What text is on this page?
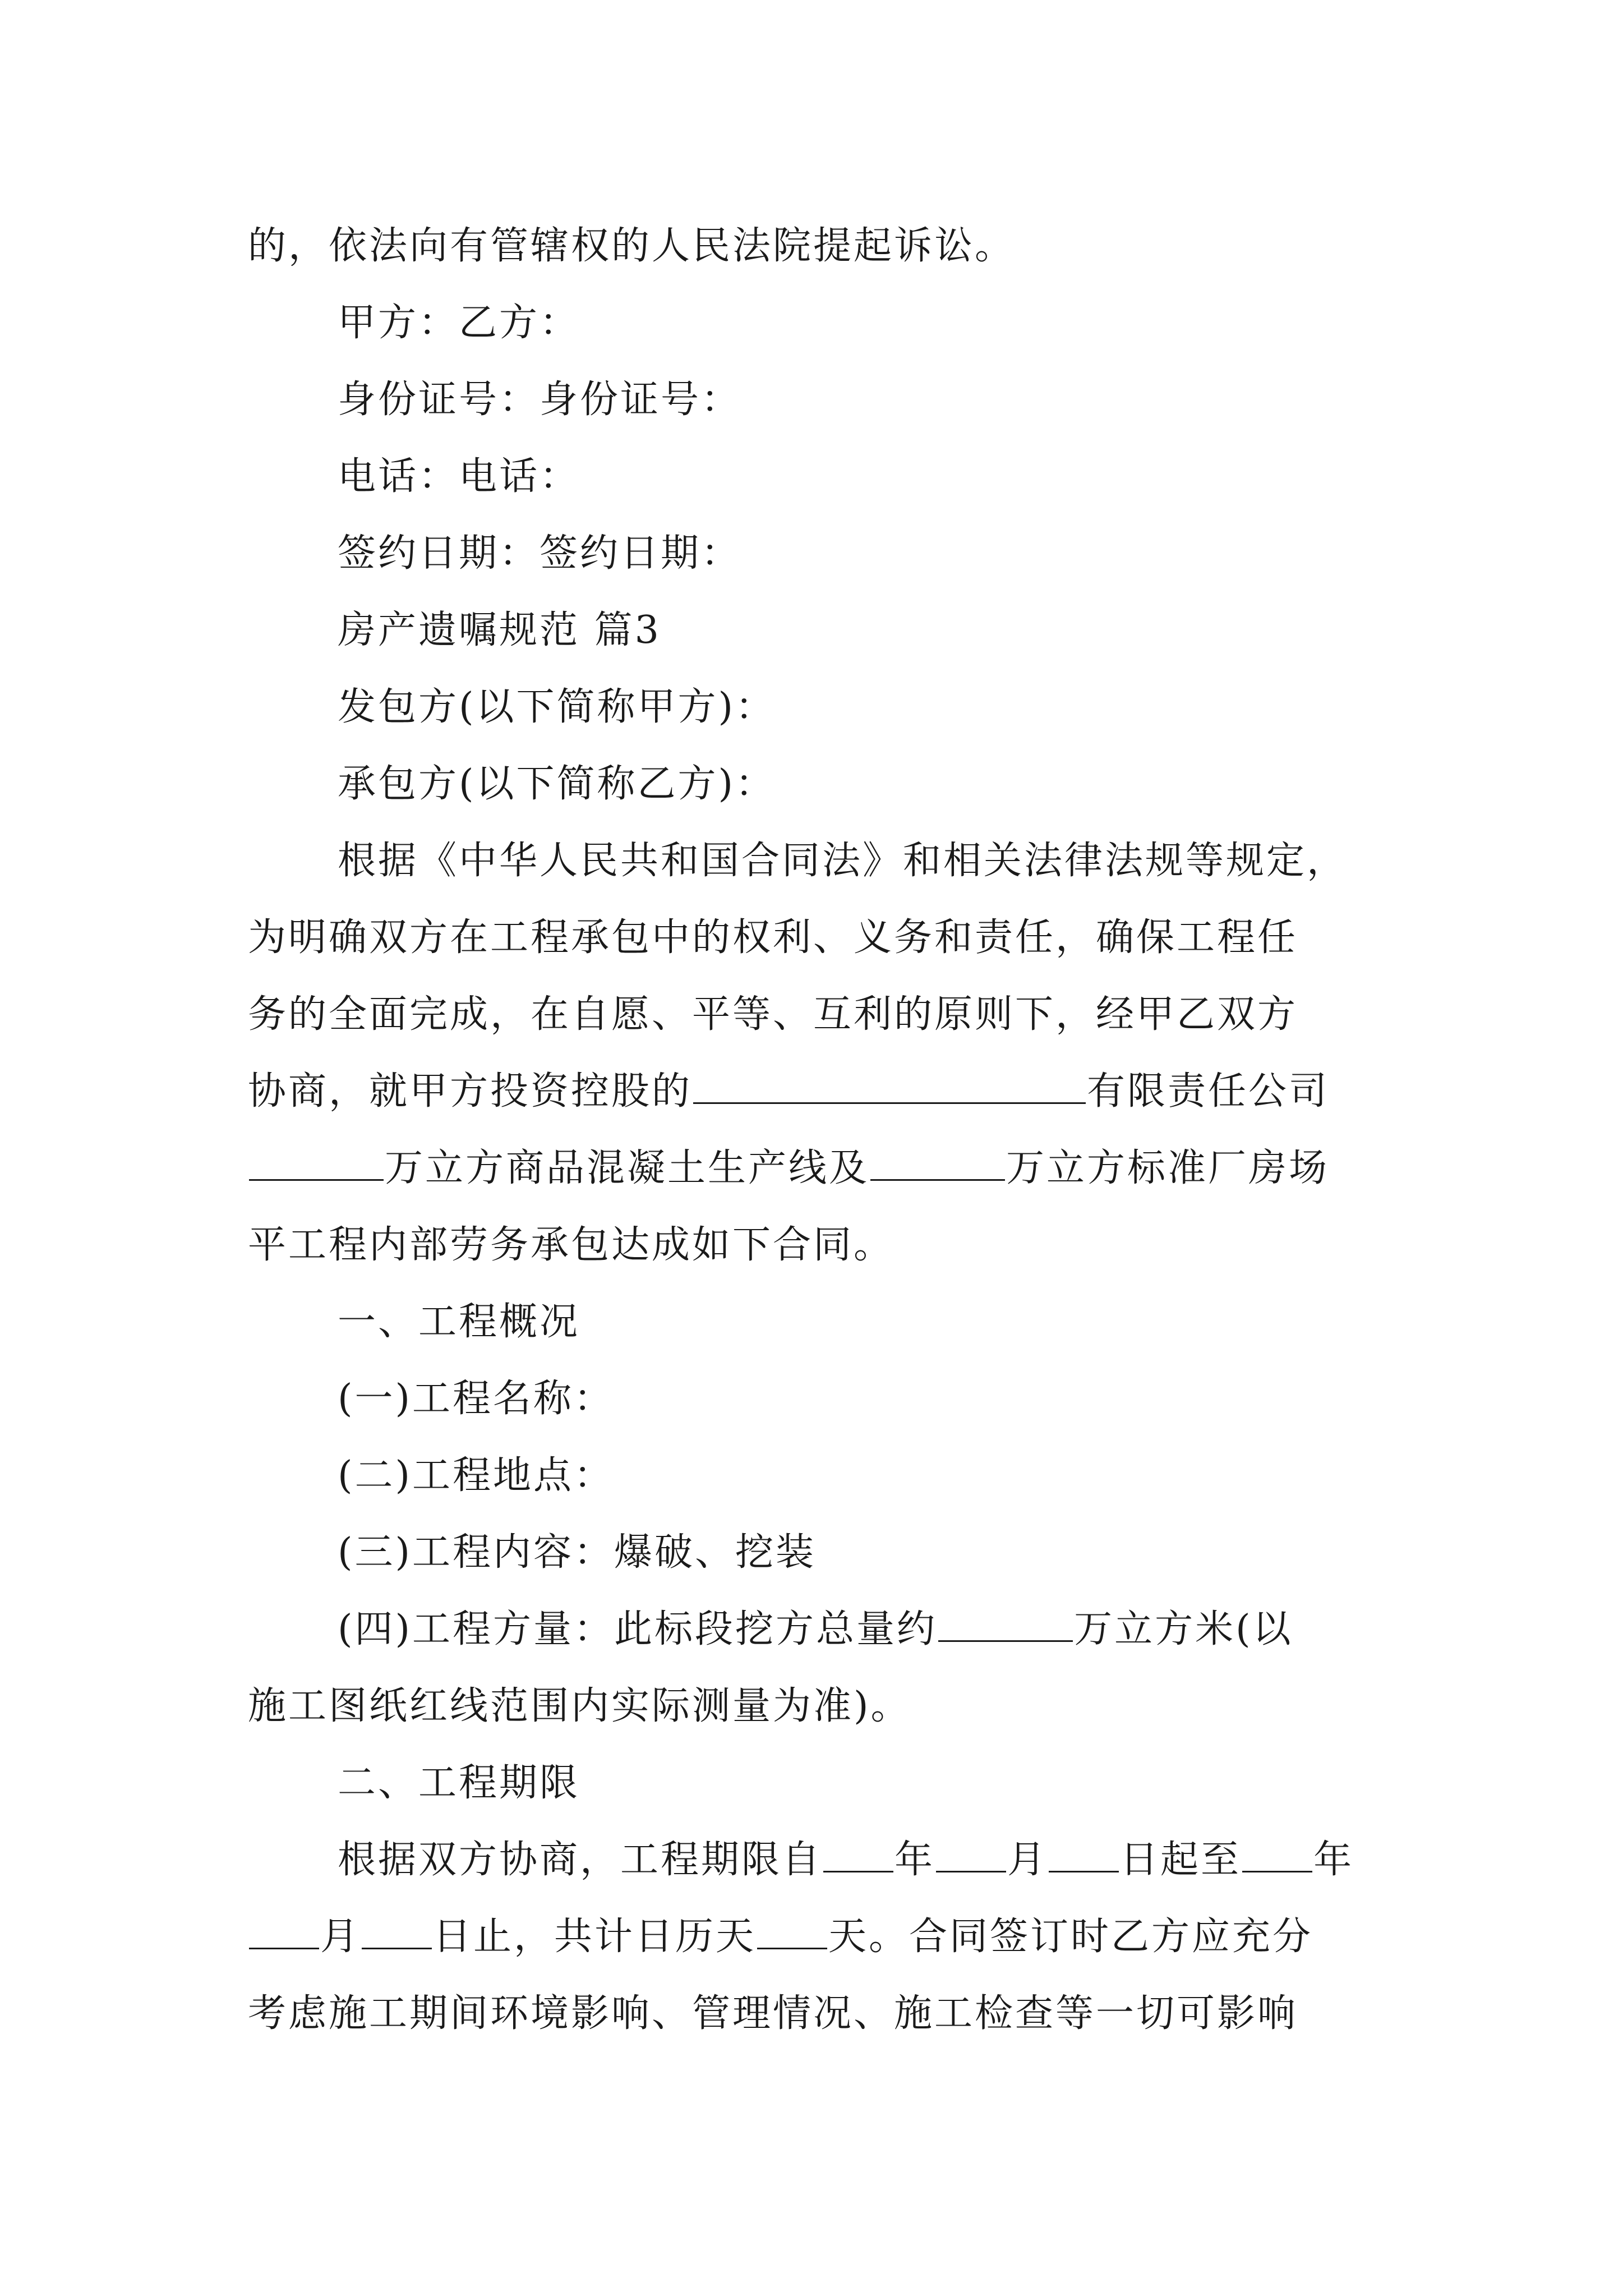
的，依法向有管辖权的人民法院提起诉讼。
甲方：乙方：
身份证号：身份证号：
电话：电话：
签约日期：签约日期：
房产遗嘱规范 篇3
发包方(以下简称甲方)：
承包方(以下简称乙方)：
根据《中华人民共和国合同法》和相关法律法规等规定，
为明确双方在工程承包中的权利、义务和责任，确保工程任
务的全面完成，在自愿、平等、互利的原则下，经甲乙双方
协商，就甲方投资控股的	有限责任公司
万立方商品混凝土生产线及	万立方标准厂房场
平工程内部劳务承包达成如下合同。
一、工程概况
(一)工程名称：
(二)工程地点：
(三)工程内容：爆破、挖装
(四)工程方量：此标段挖方总量约	万立方米(以
施工图纸红线范围内实际测量为准)。
二、工程期限
根据双方协商，工程期限自 年 月 日起至 年
月 日止，共计日历天 天。合同签订时乙方应充分
考虑施工期间环境影响、管理情况、施工检查等一切可影响
